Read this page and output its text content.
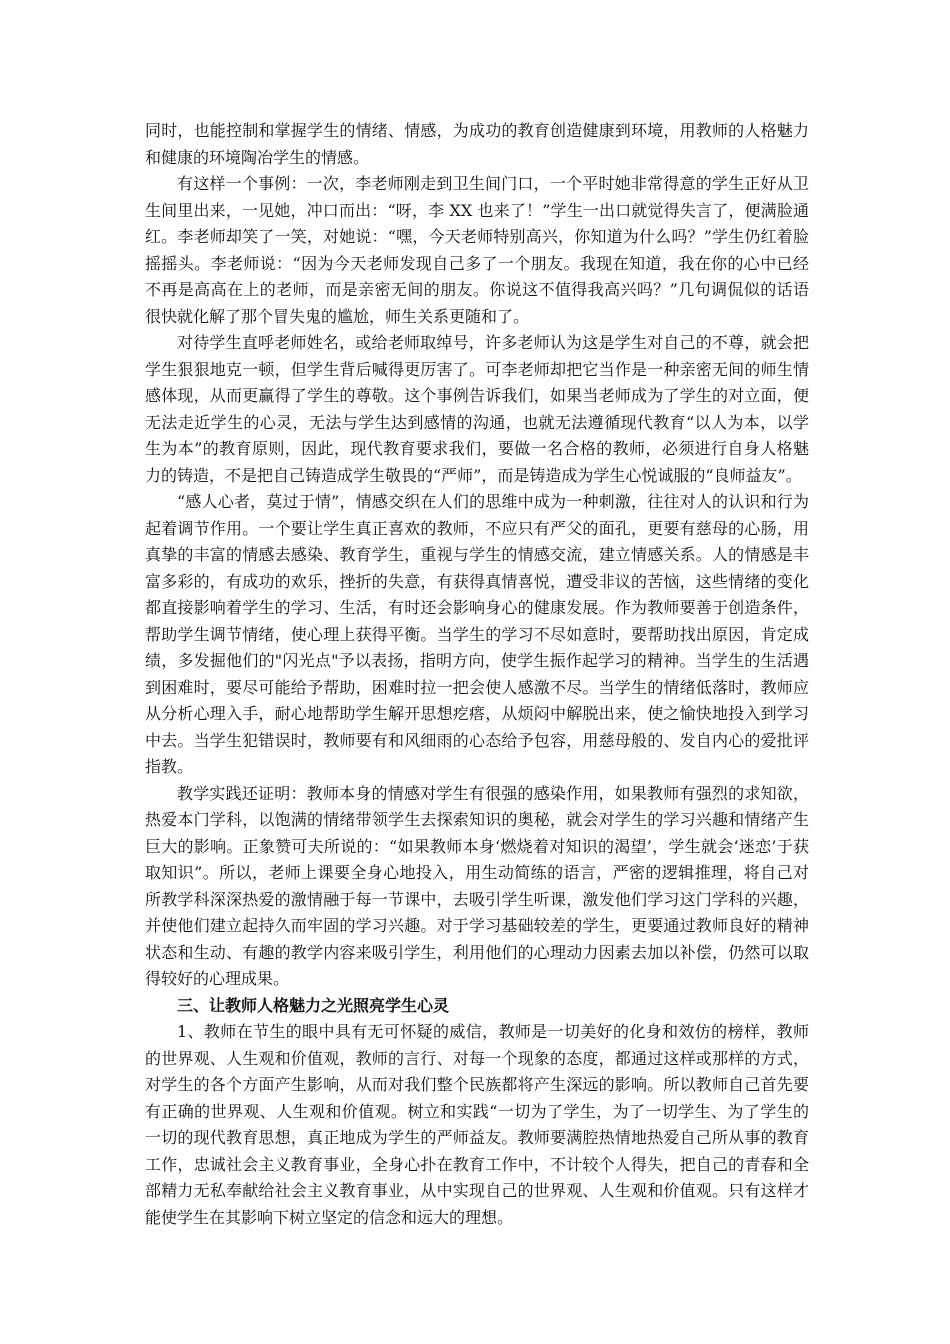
同时，也能控制和掌握学生的情绪、情感，为成功的教育创造健康到环境，用教师的人格魅力和健康的环境陶冶学生的情感。

有这样一个事例：一次，李老师刚走到卫生间门口，一个平时她非常得意的学生正好从卫生间里出来，一见她，冲口而出：“呀，李 XX 也来了！”学生一出口就觉得失言了，便满脸通红。李老师却笑了一笑，对她说：“嘿，今天老师特别高兴，你知道为什么吗？”学生仍红着脸摇摇头。李老师说：“因为今天老师发现自己多了一个朋友。我现在知道，我在你的心中已经不再是高高在上的老师，而是亲密无间的朋友。你说这不值得我高兴吗？”几句调侃似的话语很快就化解了那个冒失鬼的尴尬，师生关系更随和了。

对待学生直呼老师姓名，或给老师取绰号，许多老师认为这是学生对自己的不尊，就会把学生狠狠地克一顿，但学生背后喊得更厉害了。可李老师却把它当作是一种亲密无间的师生情感体现，从而更赢得了学生的尊敬。这个事例告诉我们，如果当老师成为了学生的对立面，便无法走近学生的心灵，无法与学生达到感情的沟通，也就无法遵循现代教育“以人为本，以学生为本”的教育原则，因此，现代教育要求我们，要做一名合格的教师，必须进行自身人格魅力的铸造，不是把自己铸造成学生敬畏的“严师”，而是铸造成为学生心悦诚服的“良师益友”。

“感人心者，莫过于情”，情感交织在人们的思维中成为一种刺激，往往对人的认识和行为起着调节作用。一个要让学生真正喜欢的教师，不应只有严父的面孔，更要有慈母的心肠，用真挚的丰富的情感去感染、教育学生，重视与学生的情感交流，建立情感关系。人的情感是丰富多彩的，有成功的欢乐，挫折的失意，有获得真情喜悦，遭受非议的苦恼，这些情绪的变化都直接影响着学生的学习、生活，有时还会影响身心的健康发展。作为教师要善于创造条件，帮助学生调节情绪，使心理上获得平衡。当学生的学习不尽如意时，要帮助找出原因，肯定成绩，多发掘他们的"闪光点"予以表扬，指明方向，使学生振作起学习的精神。当学生的生活遇到困难时，要尽可能给予帮助，困难时拉一把会使人感激不尽。当学生的情绪低落时，教师应从分析心理入手，耐心地帮助学生解开思想疙瘩，从烦闷中解脱出来，使之愉快地投入到学习中去。当学生犯错误时，教师要有和风细雨的心态给予包容，用慈母般的、发自内心的爱批评指教。

教学实践还证明：教师本身的情感对学生有很强的感染作用，如果教师有强烈的求知欲，热爱本门学科，以饱满的情绪带领学生去探索知识的奥秘，就会对学生的学习兴趣和情绪产生巨大的影响。正象赞可夫所说的：“如果教师本身‘燃烧着对知识的渴望’，学生就会‘迷恋’于获取知识”。所以，老师上课要全身心地投入，用生动简练的语言，严密的逻辑推理，将自己对所教学科深深热爱的激情融于每一节课中，去吸引学生听课，激发他们学习这门学科的兴趣，并使他们建立起持久而牢固的学习兴趣。对于学习基础较差的学生，更要通过教师良好的精神状态和生动、有趣的教学内容来吸引学生，利用他们的心理动力因素去加以补偿，仍然可以取得较好的心理成果。

三、让教师人格魅力之光照亮学生心灵

1、教师在节生的眼中具有无可怀疑的威信，教师是一切美好的化身和效仿的榜样，教师的世界观、人生观和价值观，教师的言行、对每一个现象的态度，都通过这样或那样的方式，对学生的各个方面产生影响，从而对我们整个民族都将产生深远的影响。所以教师自己首先要有正确的世界观、人生观和价值观。树立和实践“一切为了学生，为了一切学生、为了学生的一切的现代教育思想，真正地成为学生的严师益友。教师要满腔热情地热爱自己所从事的教育工作，忠诚社会主义教育事业，全身心扑在教育工作中，不计较个人得失，把自己的青春和全部精力无私奉献给社会主义教育事业，从中实现自己的世界观、人生观和价值观。只有这样才能使学生在其影响下树立坚定的信念和远大的理想。
